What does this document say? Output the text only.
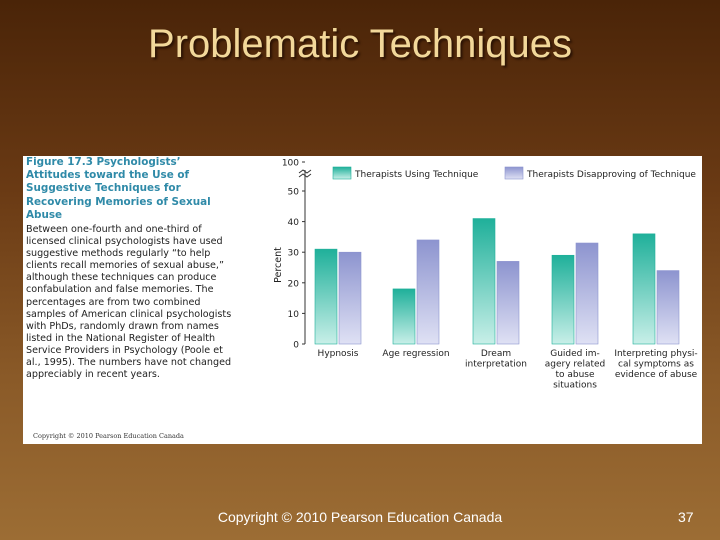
Problematic Techniques
Figure 17.3 Psychologists’ Attitudes toward the Use of Suggestive Techniques for Recovering Memories of Sexual Abuse
Between one-fourth and one-third of licensed clinical psychologists have used suggestive methods regularly “to help clients recall memories of sexual abuse,” although these techniques can produce confabulation and false memories. The percentages are from two combined samples of American clinical psychologists with PhDs, randomly drawn from names listed in the National Register of Health Service Providers in Psychology (Poole et al., 1995). The numbers have not changed appreciably in recent years.
Copyright © 2010 Pearson Education Canada
0
10
20
30
40
50
100
Percent
Hypnosis	Age regression	Dream interpretation
Guided im-agery related to abuse situations
Interpreting physi-cal symptoms as evidence of abuse
Therapists Using Technique	Therapists Disapproving of Technique
Copyright © 2010 Pearson Education Canada	37
